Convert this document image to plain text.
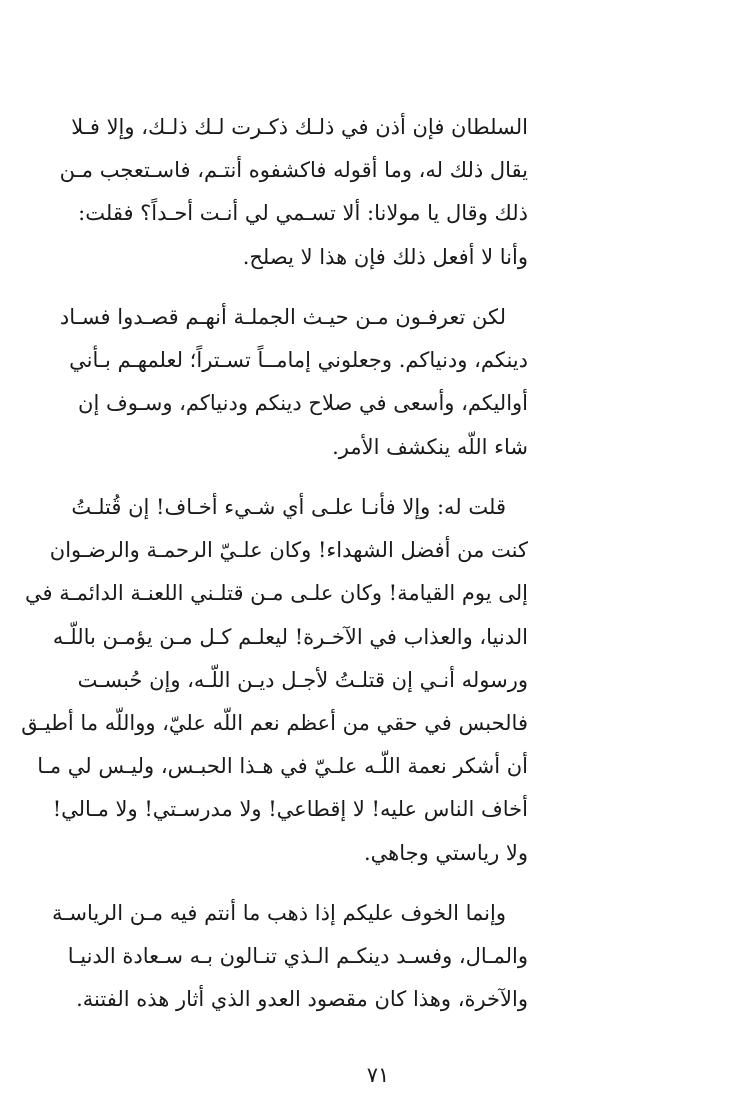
السلطان فإن أذن في ذلـك ذكـرت لـك ذلـك، وإلا فـلا
يقال ذلك له، وما أقوله فاكشفوه أنتـم، فاسـتعجب مـن
ذلك وقال يا مولانا: ألا تسـمي لي أنـت أحـداً؟ فقلت:
وأنا لا أفعل ذلك فإن هذا لا يصلح.
لكن تعرفـون مـن حيـث الجملـة أنهـم قصـدوا فسـاد
دينكم، ودنياكم. وجعلوني إمامــاً تسـتراً؛ لعلمهـم بـأني
أواليكم، وأسعى في صلاح دينكم ودنياكم، وسـوف إن
شاء اللّه ينكشف الأمر.
قلت له: وإلا فأنـا علـى أي شـيء أخـاف! إن قُتلـتُ
كنت من أفضل الشهداء! وكان علـيّ الرحمـة والرضـوان
إلى يوم القيامة! وكان علـى مـن قتلـني اللعنـة الدائمـة في
الدنيا، والعذاب في الآخـرة! ليعلـم كـل مـن يؤمـن باللّـه
ورسوله أنـي إن قتلـتُ لأجـل ديـن اللّـه، وإن حُبسـت
فالحبس في حقي من أعظم نعم اللّه عليّ، وواللّه ما أطيـق
أن أشكر نعمة اللّـه علـيّ في هـذا الحبـس، وليـس لي مـا
أخاف الناس عليه! لا إقطاعي! ولا مدرسـتي! ولا مـالي!
ولا رياستي وجاهي.
وإنما الخوف عليكم إذا ذهب ما أنتم فيه مـن الرياسـة
والمـال، وفسـد دينكـم الـذي تنـالون بـه سـعادة الدنيـا
والآخرة، وهذا كان مقصود العدو الذي أثار هذه الفتنة.
٧١
